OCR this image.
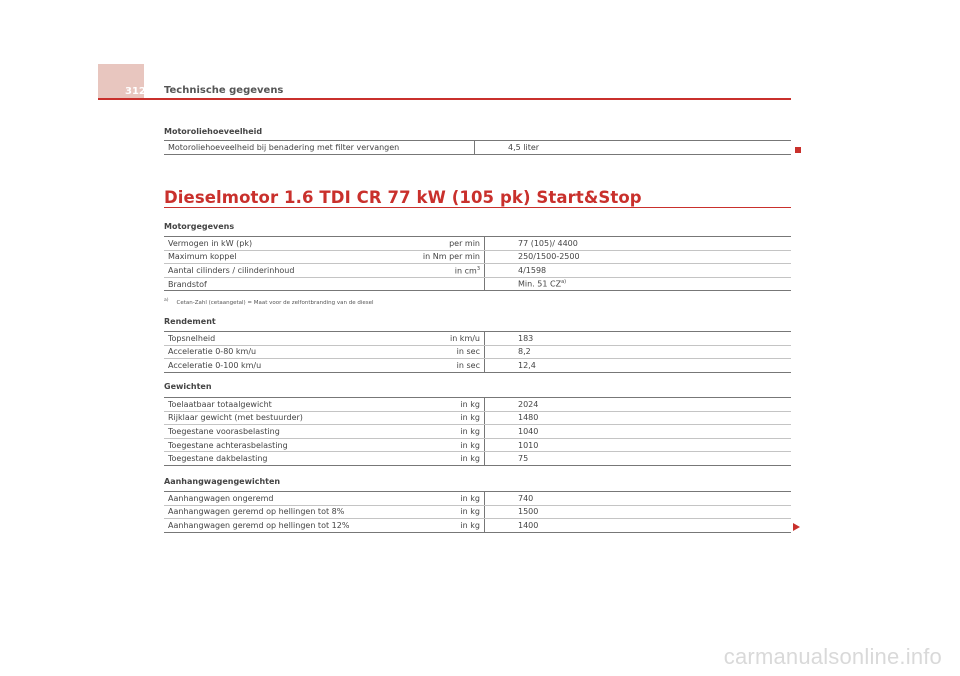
312 Technische gegevens
Motoroliehoeveelheid
Motoroliehoeveelheid bij benadering met filter vervangen	4,5 liter
Dieselmotor 1.6 TDI CR 77 kW (105 pk) Start&Stop
Motorgegevens
Vermogen in kW (pk)	per min	77 (105)/ 4400
Maximum koppel	in Nm per min	250/1500-2500
Aantal cilinders / cilinderinhoud	in $cm^3$	4/1598
Brandstof		Min. 51 CZ$^{a)}$
$^{a)}$ Cetan-Zahl (cetaangetal) = Maat voor de zelfontbranding van de diesel
Rendement
Topsnelheid	in km/u	183
Acceleratie 0-80 km/u	in sec	8,2
Acceleratie 0-100 km/u	in sec	12,4
Gewichten
Toelaatbaar totaalgewicht	in kg	2024
Rijklaar gewicht (met bestuurder)	in kg	1480
Toegestane voorasbelasting	in kg	1040
Toegestane achterasbelasting	in kg	1010
Toegestane dakbelasting	in kg	75
Aanhangwagengewichten
Aanhangwagen ongeremd	in kg	740
Aanhangwagen geremd op hellingen tot 8%	in kg	1500
Aanhangwagen geremd op hellingen tot 12%	in kg	1400
carmanualsonline.info
